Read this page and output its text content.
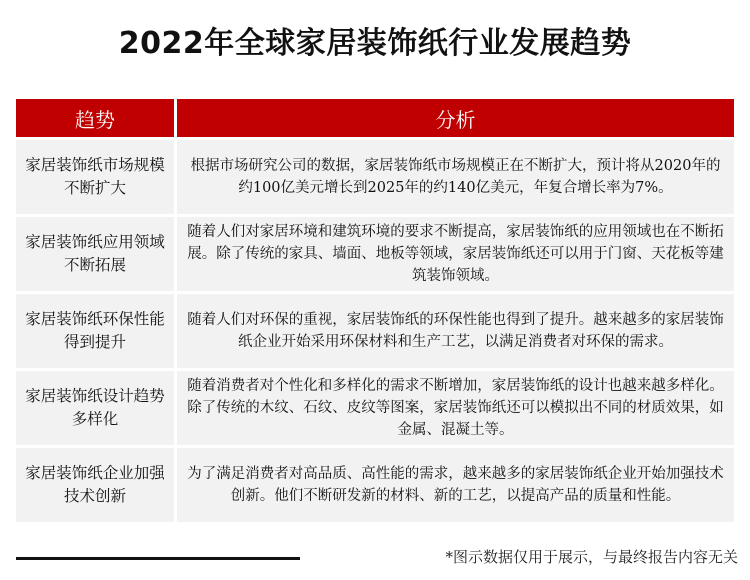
2022年全球家居装饰纸行业发展趋势
趋势	分析
家居装饰纸市场规模不断扩大
根据市场研究公司的数据，家居装饰纸市场规模正在不断扩大，预计将从2020年的约100亿美元增长到2025年的约140亿美元，年复合增长率为7%。
家居装饰纸应用领域不断拓展
随着人们对家居环境和建筑环境的要求不断提高，家居装饰纸的应用领域也在不断拓展。除了传统的家具、墙面、地板等领域，家居装饰纸还可以用于门窗、天花板等建筑装饰领域。
家居装饰纸环保性能得到提升
随着人们对环保的重视，家居装饰纸的环保性能也得到了提升。越来越多的家居装饰纸企业开始采用环保材料和生产工艺，以满足消费者对环保的需求。
家居装饰纸设计趋势多样化
随着消费者对个性化和多样化的需求不断增加，家居装饰纸的设计也越来越多样化。除了传统的木纹、石纹、皮纹等图案，家居装饰纸还可以模拟出不同的材质效果，如金属、混凝土等。
家居装饰纸企业加强技术创新
为了满足消费者对高品质、高性能的需求，越来越多的家居装饰纸企业开始加强技术创新。他们不断研发新的材料、新的工艺，以提高产品的质量和性能。
*图示数据仅用于展示，与最终报告内容无关
